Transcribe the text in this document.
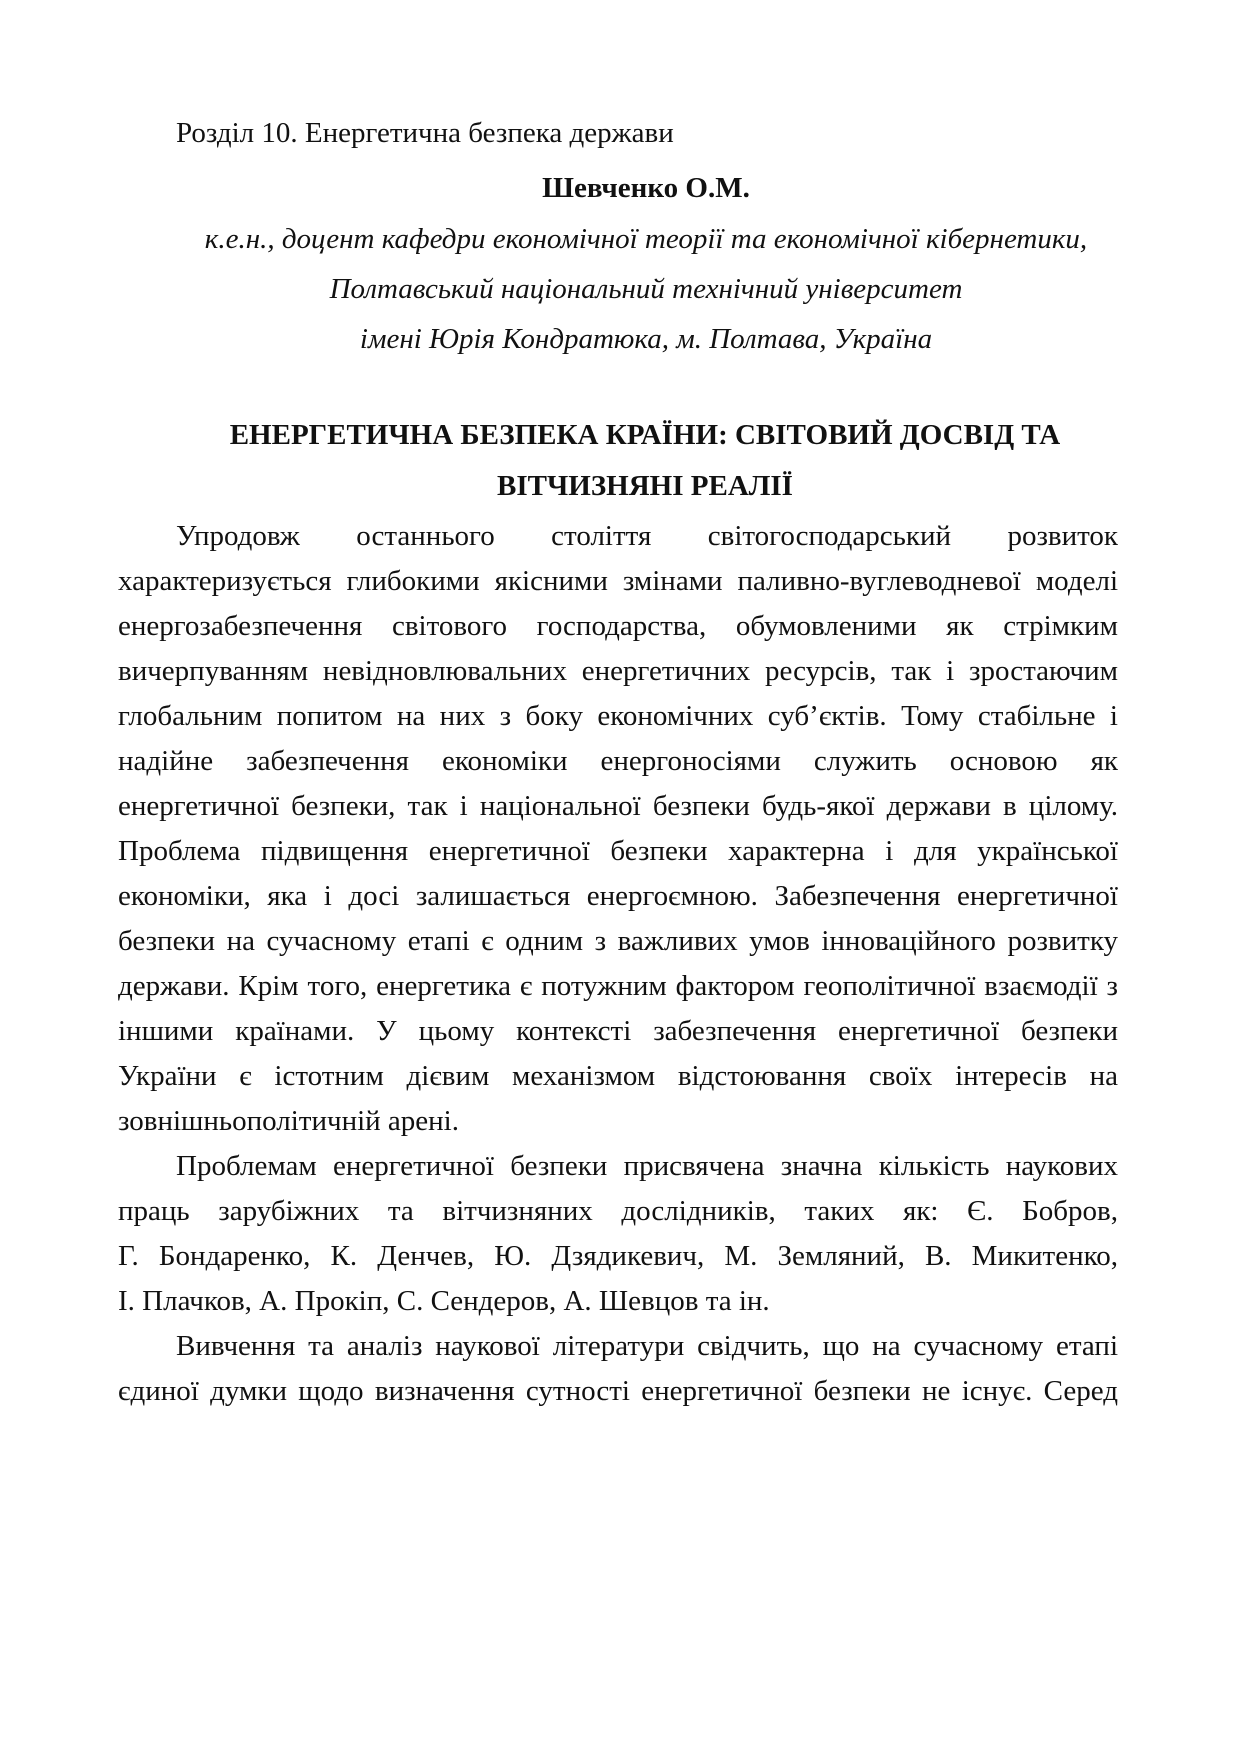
Розділ 10. Енергетична безпека держави
Шевченко О.М.
к.е.н., доцент кафедри економічної теорії та економічної кібернетики,
Полтавський національний технічний університет
імені Юрія Кондратюка, м. Полтава, Україна
ЕНЕРГЕТИЧНА БЕЗПЕКА КРАЇНИ: СВІТОВИЙ ДОСВІД ТА
ВІТЧИЗНЯНІ РЕАЛІЇ
Упродовж останнього століття світогосподарський розвиток
характеризується глибокими якісними змінами паливно-вуглеводневої моделі
енергозабезпечення світового господарства, обумовленими як стрімким
вичерпуванням невідновлювальних енергетичних ресурсів, так і зростаючим
глобальним попитом на них з боку економічних суб’єктів. Тому стабільне і
надійне забезпечення економіки енергоносіями служить основою як
енергетичної безпеки, так і національної безпеки будь-якої держави в цілому.
Проблема підвищення енергетичної безпеки характерна і для української
економіки, яка і досі залишається енергоємною. Забезпечення енергетичної
безпеки на сучасному етапі є одним з важливих умов інноваційного розвитку
держави. Крім того, енергетика є потужним фактором геополітичної взаємодії з
іншими країнами. У цьому контексті забезпечення енергетичної безпеки
України є істотним дієвим механізмом відстоювання своїх інтересів на
зовнішньополітичній арені.
Проблемам енергетичної безпеки присвячена значна кількість наукових
праць зарубіжних та вітчизняних дослідників, таких як: Є. Бобров,
Г. Бондаренко, К. Денчев, Ю. Дзядикевич, М. Земляний, В. Микитенко,
І. Плачков, А. Прокіп, С. Сендеров, А. Шевцов та ін.
Вивчення та аналіз наукової літератури свідчить, що на сучасному етапі
єдиної думки щодо визначення сутності енергетичної безпеки не існує. Серед
